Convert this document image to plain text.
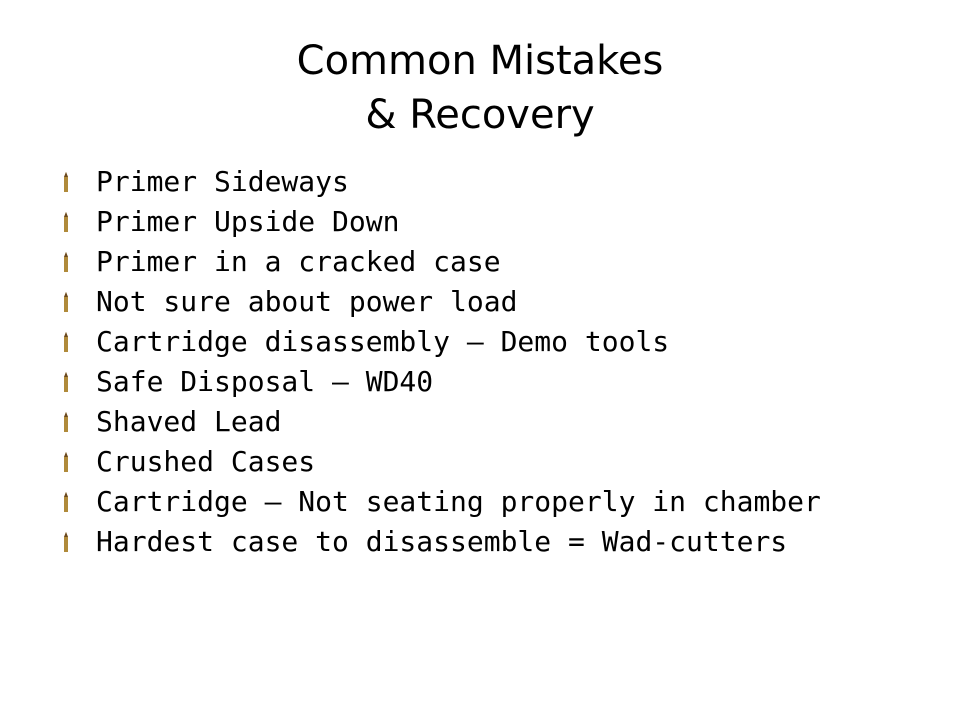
Common Mistakes
& Recovery
Primer Sideways
Primer Upside Down
Primer in a cracked case
Not sure about power load
Cartridge disassembly – Demo tools
Safe Disposal – WD40
Shaved Lead
Crushed Cases
Cartridge – Not seating properly in chamber
Hardest case to disassemble = Wad-cutters
